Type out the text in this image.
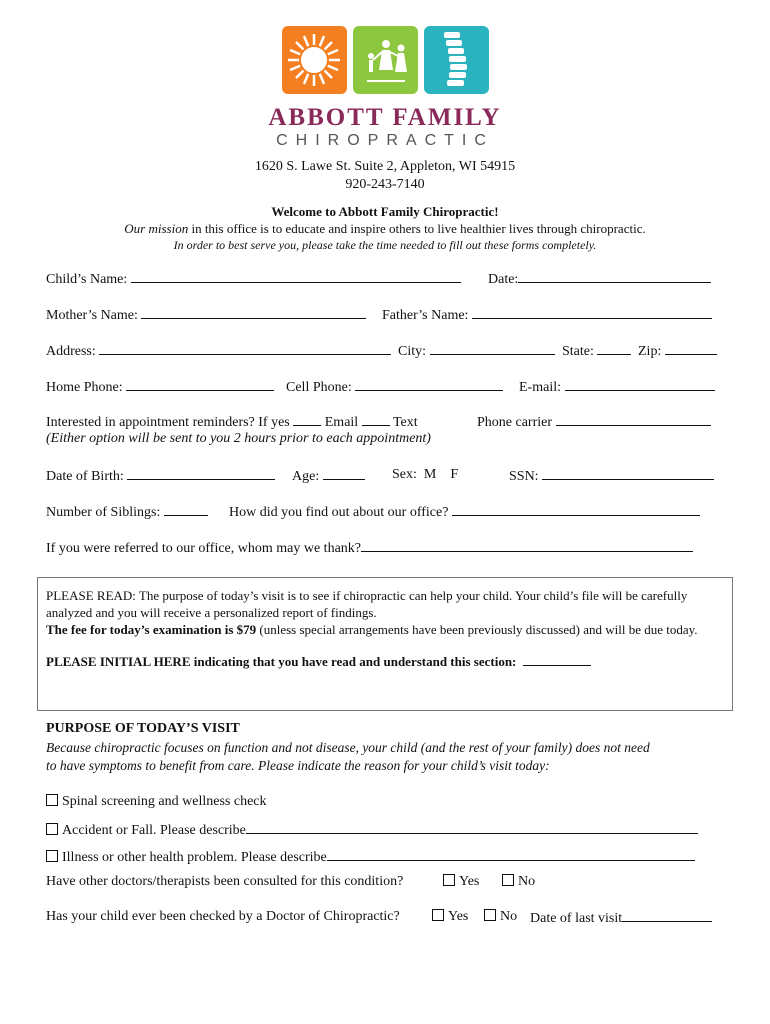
ABBOTT FAMILY
CHIROPRACTIC
1620 S. Lawe St. Suite 2, Appleton, WI 54915
920-243-7140
Welcome to Abbott Family Chiropractic!
Our mission in this office is to educate and inspire others to live healthier lives through chiropractic.
In order to best serve you, please take the time needed to fill out these forms completely.
Child’s Name:	Date:
Mother’s Name:	Father’s Name:
Address:	City:	State:	Zip:
Home Phone:	Cell Phone:	E-mail:
Interested in appointment reminders? If yes	Email Text	Phone carrier
(Either option will be sent to you 2 hours prior to each appointment)
Date of Birth:	Age:	Sex: M F	SSN:
Number of Siblings:	How did you find out about our office?
If you were referred to our office, whom may we thank?

PLEASE READ: The purpose of today’s visit is to see if chiropractic can help your child. Your child’s file will be carefully analyzed and you will receive a personalized report of findings.

The fee for today’s examination is $79 (unless special arrangements have been previously discussed) and will be due today.

PLEASE INITIAL HERE indicating that you have read and understand this section:

PURPOSE OF TODAY’S VISIT
Because chiropractic focuses on function and not disease, your child (and the rest of your family) does not need
to have symptoms to benefit from care. Please indicate the reason for your child’s visit today:
Spinal screening and wellness check
Accident or Fall. Please describe
Illness or other health problem. Please describe
Have other doctors/therapists been consulted for this condition?	Yes	No
Has your child ever been checked by a Doctor of Chiropractic?	Yes	No Date of last visit
